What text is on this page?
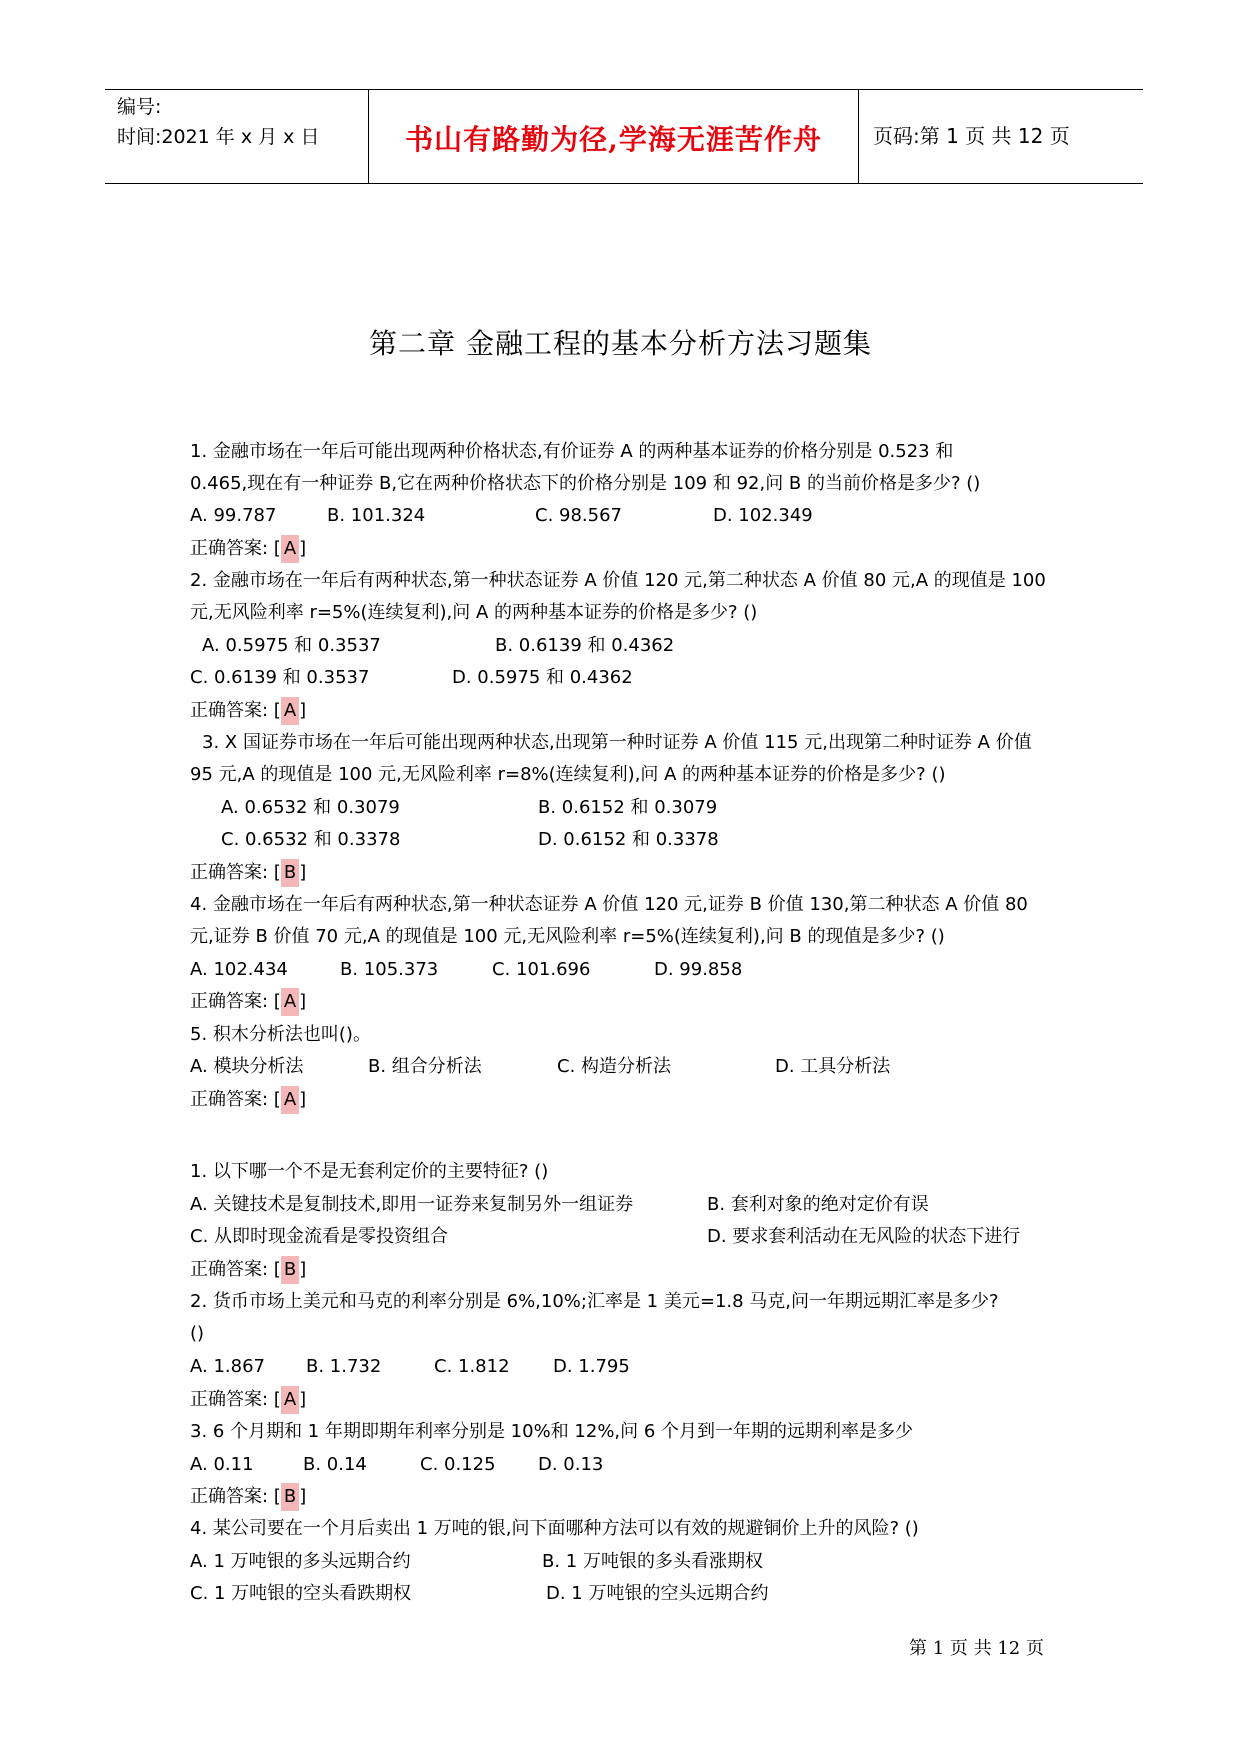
编号:
时间:2021 年 x 月 x 日	书山有路勤为径,学海无涯苦作舟	页码:第 1 页 共 12 页
第二章 金融工程的基本分析方法习题集
1. 金融市场在一年后可能出现两种价格状态,有价证券 A 的两种基本证券的价格分别是 0.523 和
0.465,现在有一种证券 B,它在两种价格状态下的价格分别是 109 和 92,问 B 的当前价格是多少? ()
A. 99.787	B. 101.324	C. 98.567	D. 102.349
正确答案: [ A ]
2. 金融市场在一年后有两种状态,第一种状态证券 A 价值 120 元,第二种状态 A 价值 80 元,A 的现值是 100
元,无风险利率 r=5%(连续复利),问 A 的两种基本证券的价格是多少? ()
A. 0.5975 和 0.3537	B. 0.6139 和 0.4362
C. 0.6139 和 0.3537	D. 0.5975 和 0.4362
正确答案: [ A ]
3. X 国证券市场在一年后可能出现两种状态,出现第一种时证券 A 价值 115 元,出现第二种时证券 A 价值
95 元,A 的现值是 100 元,无风险利率 r=8%(连续复利),问 A 的两种基本证券的价格是多少? ()
A. 0.6532 和 0.3079	B. 0.6152 和 0.3079
C. 0.6532 和 0.3378	D. 0.6152 和 0.3378
正确答案: [ B ]
4. 金融市场在一年后有两种状态,第一种状态证券 A 价值 120 元,证券 B 价值 130,第二种状态 A 价值 80
元,证券 B 价值 70 元,A 的现值是 100 元,无风险利率 r=5%(连续复利),问 B 的现值是多少? ()
A. 102.434	B. 105.373	C. 101.696	D. 99.858
正确答案: [ A ]
5. 积木分析法也叫()。
A. 模块分析法	B. 组合分析法	C. 构造分析法	D. 工具分析法
正确答案: [ A ]
1. 以下哪一个不是无套利定价的主要特征? ()
A. 关键技术是复制技术,即用一证券来复制另外一组证券	B. 套利对象的绝对定价有误
C. 从即时现金流看是零投资组合	D. 要求套利活动在无风险的状态下进行
正确答案: [ B ]
2. 货币市场上美元和马克的利率分别是 6%,10%;汇率是 1 美元=1.8 马克,问一年期远期汇率是多少?
()
A. 1.867 B. 1.732	C. 1.812 D. 1.795
正确答案: [ A ]
3. 6 个月期和 1 年期即期年利率分别是 10%和 12%,问 6 个月到一年期的远期利率是多少
A. 0.11	B. 0.14	C. 0.125 D. 0.13
正确答案: [ B ]
4. 某公司要在一个月后卖出 1 万吨的银,问下面哪种方法可以有效的规避铜价上升的风险? ()
A. 1 万吨银的多头远期合约	B. 1 万吨银的多头看涨期权
C. 1 万吨银的空头看跌期权	D. 1 万吨银的空头远期合约
第 1 页 共 12 页
